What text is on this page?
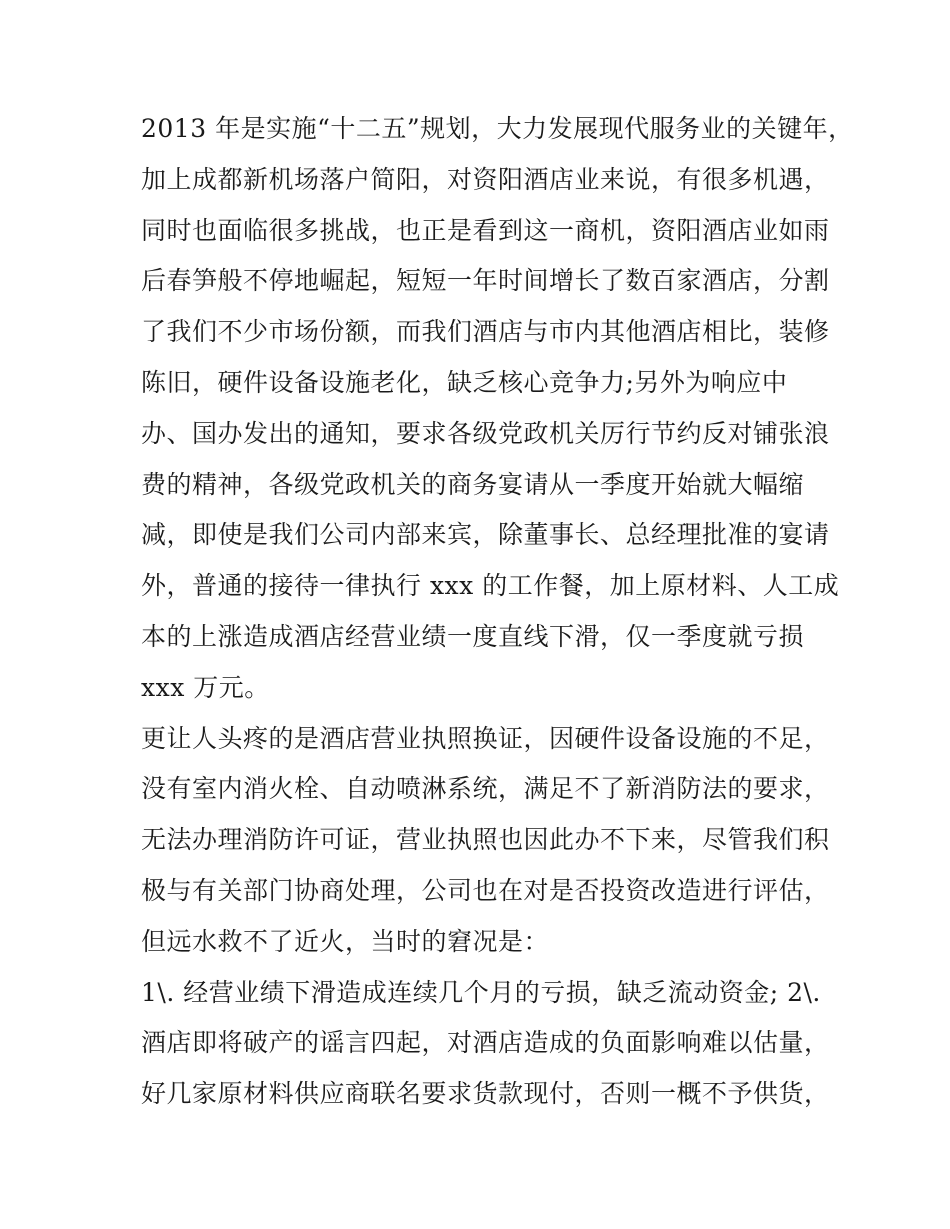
2013 年是实施“十二五”规划，大力发展现代服务业的关键年，
加上成都新机场落户简阳，对资阳酒店业来说，有很多机遇，
同时也面临很多挑战，也正是看到这一商机，资阳酒店业如雨
后春笋般不停地崛起，短短一年时间增长了数百家酒店，分割
了我们不少市场份额，而我们酒店与市内其他酒店相比，装修
陈旧，硬件设备设施老化，缺乏核心竞争力;另外为响应中
办、国办发出的通知，要求各级党政机关厉行节约反对铺张浪
费的精神，各级党政机关的商务宴请从一季度开始就大幅缩
减，即使是我们公司内部来宾，除董事长、总经理批准的宴请
外，普通的接待一律执行 xxx 的工作餐，加上原材料、人工成
本的上涨造成酒店经营业绩一度直线下滑，仅一季度就亏损
xxx 万元。
更让人头疼的是酒店营业执照换证，因硬件设备设施的不足，
没有室内消火栓、自动喷淋系统，满足不了新消防法的要求，
无法办理消防许可证，营业执照也因此办不下来，尽管我们积
极与有关部门协商处理，公司也在对是否投资改造进行评估，
但远水救不了近火，当时的窘况是：
1\. 经营业绩下滑造成连续几个月的亏损，缺乏流动资金; 2\.
酒店即将破产的谣言四起，对酒店造成的负面影响难以估量，
好几家原材料供应商联名要求货款现付，否则一概不予供货，
